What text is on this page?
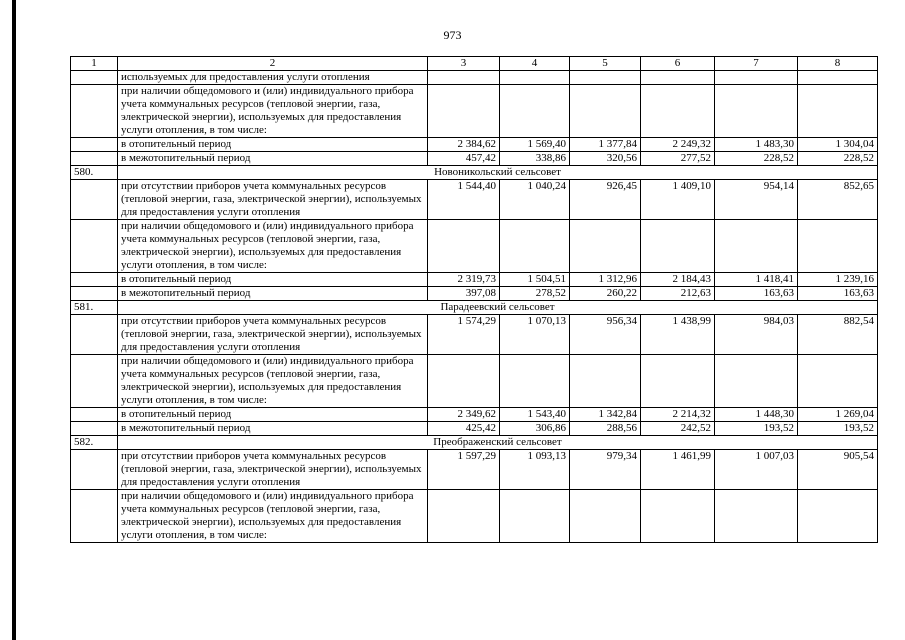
973
1	2	3	4	5	6	7	8
	используемых для предоставления услуги отопления						
	при наличии общедомового и (или) индивидуального прибора учета коммунальных ресурсов (тепловой энергии, газа, электрической энергии), используемых для предоставления услуги отопления, в том числе:						
	в отопительный период	2 384,62	1 569,40	1 377,84	2 249,32	1 483,30	1 304,04
	в межотопительный период	457,42	338,86	320,56	277,52	228,52	228,52
580.	Новоникольский сельсовет						
	при отсутствии приборов учета коммунальных ресурсов (тепловой энергии, газа, электрической энергии), используемых для предоставления услуги отопления	1 544,40	1 040,24	926,45	1 409,10	954,14	852,65
	при наличии общедомового и (или) индивидуального прибора учета коммунальных ресурсов (тепловой энергии, газа, электрической энергии), используемых для предоставления услуги отопления, в том числе:						
	в отопительный период	2 319,73	1 504,51	1 312,96	2 184,43	1 418,41	1 239,16
	в межотопительный период	397,08	278,52	260,22	212,63	163,63	163,63
581.	Парадеевский сельсовет						
	при отсутствии приборов учета коммунальных ресурсов (тепловой энергии, газа, электрической энергии), используемых для предоставления услуги отопления	1 574,29	1 070,13	956,34	1 438,99	984,03	882,54
	при наличии общедомового и (или) индивидуального прибора учета коммунальных ресурсов (тепловой энергии, газа, электрической энергии), используемых для предоставления услуги отопления, в том числе:						
	в отопительный период	2 349,62	1 543,40	1 342,84	2 214,32	1 448,30	1 269,04
	в межотопительный период	425,42	306,86	288,56	242,52	193,52	193,52
582.	Преображенский сельсовет						
	при отсутствии приборов учета коммунальных ресурсов (тепловой энергии, газа, электрической энергии), используемых для предоставления услуги отопления	1 597,29	1 093,13	979,34	1 461,99	1 007,03	905,54
	при наличии общедомового и (или) индивидуального прибора учета коммунальных ресурсов (тепловой энергии, газа, электрической энергии), используемых для предоставления услуги отопления, в том числе:						
